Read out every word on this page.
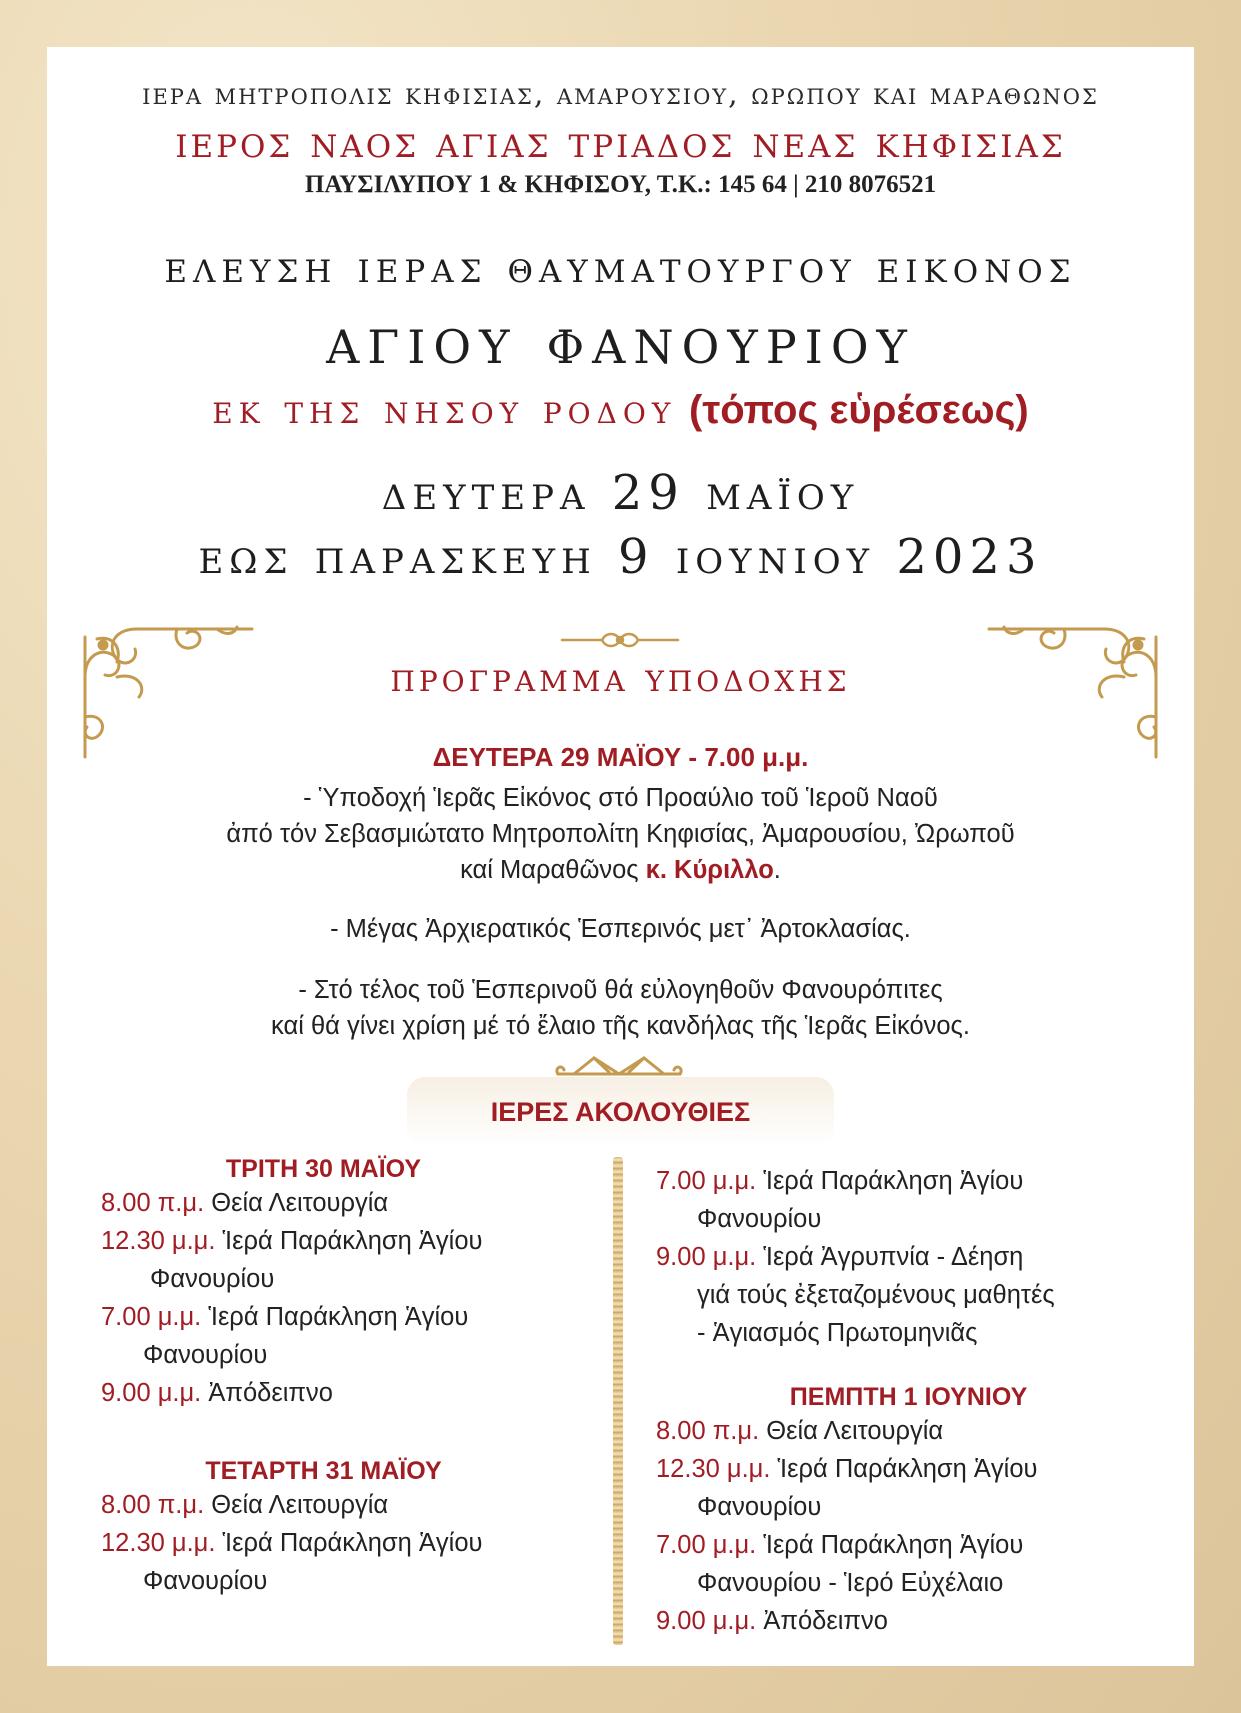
ιερα μητροπολις κηφισιας, αμαρουσιου, ωρωπου και μαραθωνος
ιερος ναος αγιας τριαδος νεας κηφισιας
ΠΑΥΣΙΛΥΠΟΥ 1 & ΚΗΦΙΣΟΥ, Τ.Κ.: 145 64 | 210 8076521
ελευση ιερας θαυματουργου εικονος
αγιου φανουριου
εκ της νησου ροδου (τόπος εὑρέσεως)
δευτερα 29 μαϊου
εως παρασκευη 9 ιουνιου 2023
προγραμμα υποδοχησ
ΔΕΥΤΕΡΑ 29 ΜΑΪΟΥ - 7.00 μ.μ.
- Ὑποδοχή Ἱερᾶς Εἰκόνος στό Προαύλιο τοῦ Ἱεροῦ Ναοῦ
ἀπό τόν Σεβασμιώτατο Μητροπολίτη Κηφισίας, Ἀμαρουσίου, Ὠρωποῦ
καί Μαραθῶνος κ. Κύριλλο.
- Μέγας Ἀρχιερατικός Ἑσπερινός μετ᾽ Ἀρτοκλασίας.
- Στό τέλος τοῦ Ἑσπερινοῦ θά εὐλογηθοῦν Φανουρόπιτες
καί θά γίνει χρίση μέ τό ἔλαιο τῆς κανδήλας τῆς Ἱερᾶς Εἰκόνος.
ΙΕΡΕΣ ΑΚΟΛΟΥΘΙΕΣ
ΤΡΙΤΗ 30 ΜΑΪΟΥ
8.00 π.μ. Θεία Λειτουργία
12.30 μ.μ. Ἱερά Παράκληση Ἁγίου
Φανουρίου
7.00 μ.μ. Ἱερά Παράκληση Ἁγίου
Φανουρίου
9.00 μ.μ. Ἀπόδειπνο
ΤΕΤΑΡΤΗ 31 ΜΑΪΟΥ
8.00 π.μ. Θεία Λειτουργία
12.30 μ.μ. Ἱερά Παράκληση Ἁγίου
Φανουρίου
7.00 μ.μ. Ἱερά Παράκληση Ἁγίου
Φανουρίου
9.00 μ.μ. Ἱερά Ἀγρυπνία - Δέηση
γιά τούς ἐξεταζομένους μαθητές
- Ἁγιασμός Πρωτομηνιᾶς
ΠΕΜΠΤΗ 1 ΙΟΥΝΙΟΥ
8.00 π.μ. Θεία Λειτουργία
12.30 μ.μ. Ἱερά Παράκληση Ἁγίου
Φανουρίου
7.00 μ.μ. Ἱερά Παράκληση Ἁγίου
Φανουρίου - Ἱερό Εὐχέλαιο
9.00 μ.μ. Ἀπόδειπνο
